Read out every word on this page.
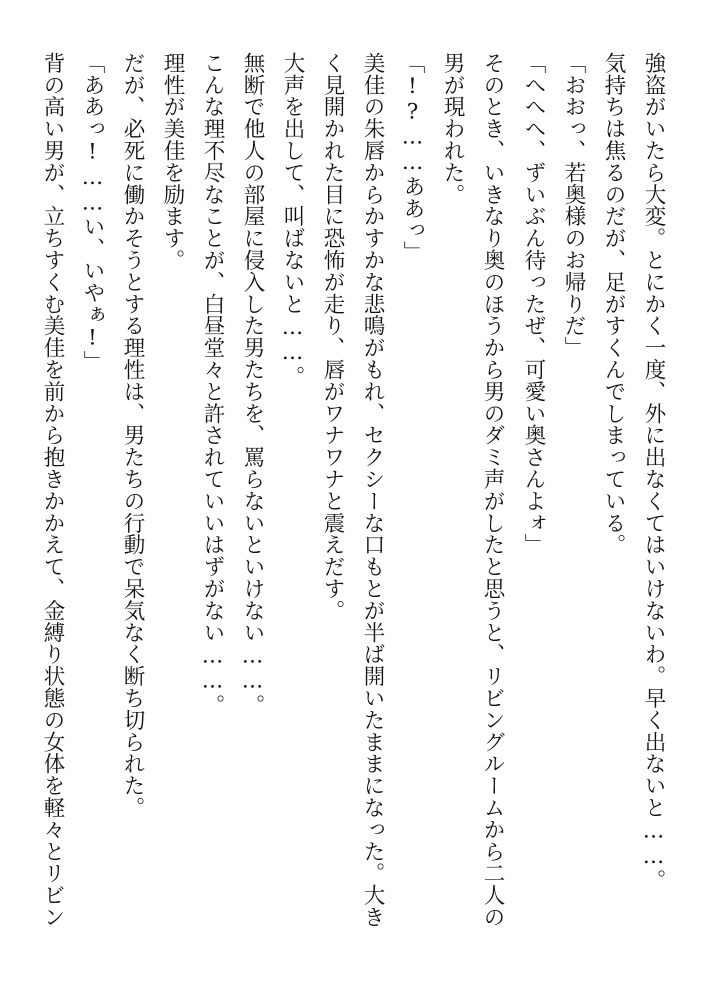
強盗がいたら大変。とにかく一度、外に出なくてはいけないわ。早く出ないと……。
気持ちは焦るのだが、足がすくんでしまっている。
「おおっ、若奥様のお帰りだ」
「へへへ、ずいぶん待ったぜ、可愛い奥さんよォ」
そのとき、いきなり奥のほうから男のダミ声がしたと思うと、リビングルームから二人の
男が現われた。
「!?……ああっ」
美佳の朱唇からかすかな悲鳴がもれ、セクシーな口もとが半ば開いたままになった。大き
く見開かれた目に恐怖が走り、唇がワナワナと震えだす。
大声を出して、叫ばないと……。
無断で他人の部屋に侵入した男たちを、罵らないといけない……。
こんな理不尽なことが、白昼堂々と許されていいはずがない……。
理性が美佳を励ます。
だが、必死に働かそうとする理性は、男たちの行動で呆気なく断ち切られた。
「ああっ!……い、いやぁ!」
背の高い男が、立ちすくむ美佳を前から抱きかかえて、金縛り状態の女体を軽々とリビン
